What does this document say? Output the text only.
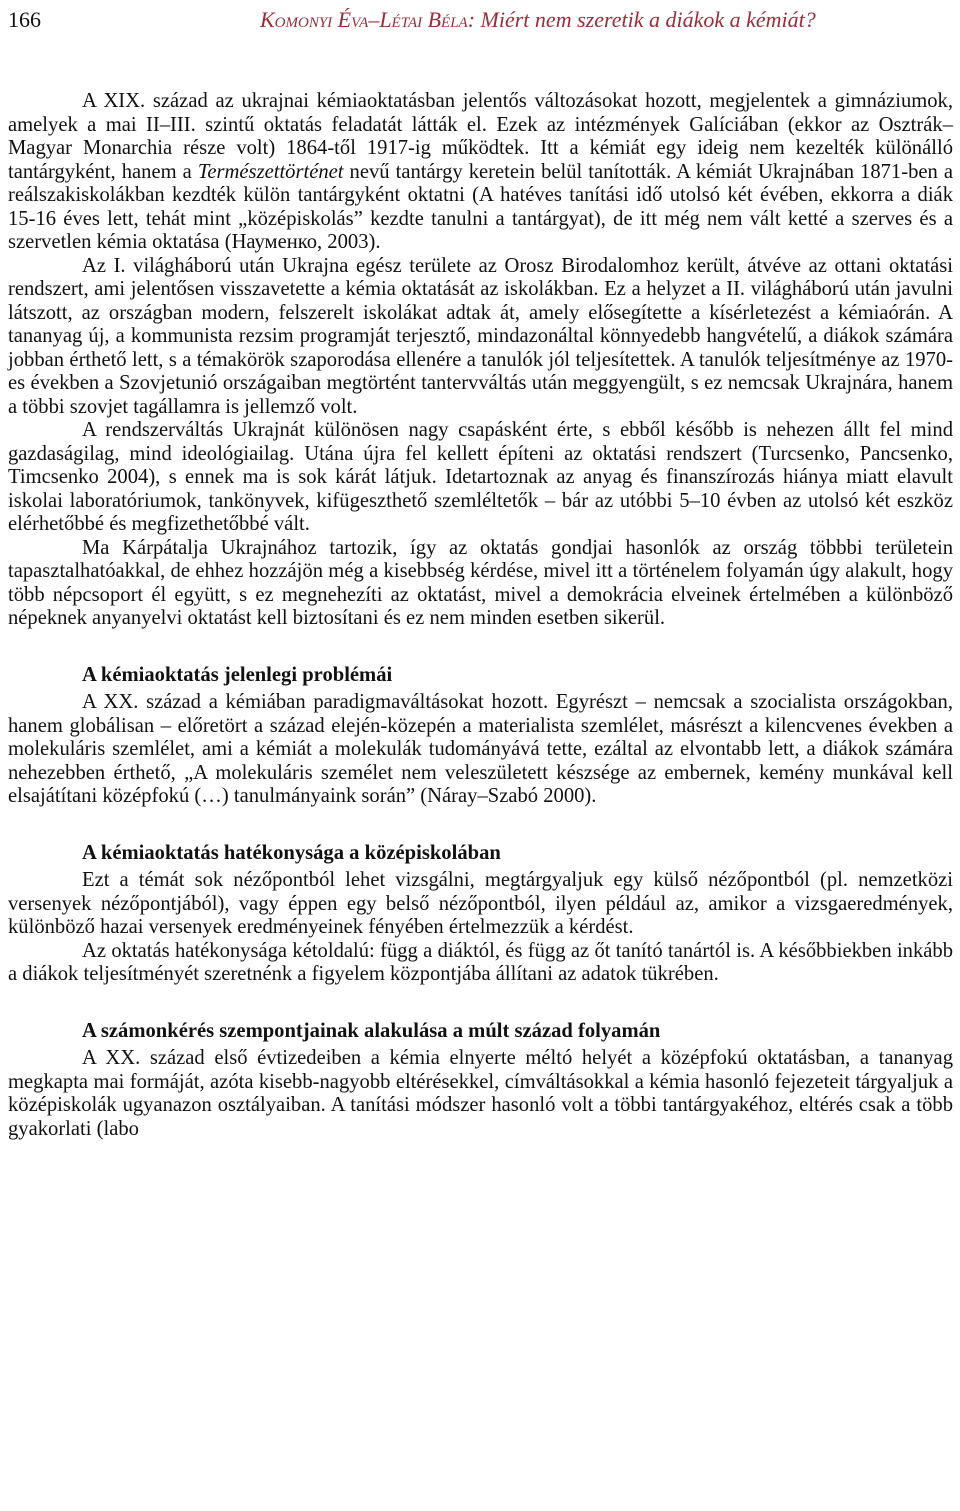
166	Komonyi Éva–Létai Béla: Miért nem szeretik a diákok a kémiát?

A XIX. század az ukrajnai kémiaoktatásban jelentős változásokat hozott, megjelentek a gimnáziumok, amelyek a mai II–III. szintű oktatás feladatát látták el. Ezek az intézmények Galíciában (ekkor az Osztrák–Magyar Monarchia része volt) 1864-től 1917-ig működtek. Itt a kémiát egy ideig nem kezelték különálló tantárgyként, hanem a Természettörténet nevű tantárgy keretein belül tanították. A kémiát Ukrajnában 1871-ben a reálszakiskolákban kezdték külön tantárgyként oktatni (A hatéves tanítási idő utolsó két évében, ekkorra a diák 15-16 éves lett, tehát mint „középiskolás” kezdte tanulni a tantárgyat), de itt még nem vált ketté a szerves és a szervetlen kémia oktatása (Науменко, 2003).

Az I. világháború után Ukrajna egész területe az Orosz Birodalomhoz került, átvéve az ottani oktatási rendszert, ami jelentősen visszavetette a kémia oktatását az iskolákban. Ez a helyzet a II. világháború után javulni látszott, az országban modern, felszerelt iskolákat adtak át, amely elősegítette a kísérletezést a kémiaórán. A tananyag új, a kommunista rezsim programját terjesztő, mindazonáltal könnyedebb hangvételű, a diákok számára jobban érthető lett, s a témakörök szaporodása ellenére a tanulók jól teljesítettek. A tanulók teljesítménye az 1970-es években a Szovjetunió országaiban megtörtént tantervváltás után meggyengült, s ez nemcsak Ukrajnára, hanem a többi szovjet tagállamra is jellemző volt.

A rendszerváltás Ukrajnát különösen nagy csapásként érte, s ebből később is nehezen állt fel mind gazdaságilag, mind ideológiailag. Utána újra fel kellett építeni az oktatási rendszert (Turcsenko, Pancsenko, Timcsenko 2004), s ennek ma is sok kárát látjuk. Idetartoznak az anyag és finanszírozás hiánya miatt elavult iskolai laboratóriumok, tankönyvek, kifügeszthető szemléltetők – bár az utóbbi 5–10 évben az utolsó két eszköz elérhetőbbé és megfizethetőbbé vált.

Ma Kárpátalja Ukrajnához tartozik, így az oktatás gondjai hasonlók az ország többbi területein tapasztalhatóakkal, de ehhez hozzájön még a kisebbség kérdése, mivel itt a történelem folyamán úgy alakult, hogy több népcsoport él együtt, s ez megnehezíti az oktatást, mivel a demokrácia elveinek értelmében a különböző népeknek anyanyelvi oktatást kell biztosítani és ez nem minden esetben sikerül.

A kémiaoktatás jelenlegi problémái

A XX. század a kémiában paradigmaváltásokat hozott. Egyrészt – nemcsak a szocialista országokban, hanem globálisan – előretört a század elején-közepén a materialista szemlélet, másrészt a kilencvenes években a molekuláris szemlélet, ami a kémiát a molekulák tudományává tette, ezáltal az elvontabb lett, a diákok számára nehezebben érthető, „A molekuláris személet nem veleszületett készsége az embernek, kemény munkával kell elsajátítani középfokú (…) tanulmányaink során” (Náray–Szabó 2000).

A kémiaoktatás hatékonysága a középiskolában

Ezt a témát sok nézőpontból lehet vizsgálni, megtárgyaljuk egy külső nézőpontból (pl. nemzetközi versenyek nézőpontjából), vagy éppen egy belső nézőpontból, ilyen például az, amikor a vizsgaeredmények, különböző hazai versenyek eredményeinek fényében értelmezzük a kérdést.

Az oktatás hatékonysága kétoldalú: függ a diáktól, és függ az őt tanító tanártól is. A későbbiekben inkább a diákok teljesítményét szeretnénk a figyelem központjába állítani az adatok tükrében.

A számonkérés szempontjainak alakulása a múlt század folyamán

A XX. század első évtizedeiben a kémia elnyerte méltó helyét a középfokú oktatásban, a tananyag megkapta mai formáját, azóta kisebb-nagyobb eltérésekkel, címváltásokkal a kémia hasonló fejezeteit tárgyaljuk a középiskolák ugyanazon osztályaiban. A tanítási módszer hasonló volt a többi tantárgyakéhoz, eltérés csak a több gyakorlati (labo
